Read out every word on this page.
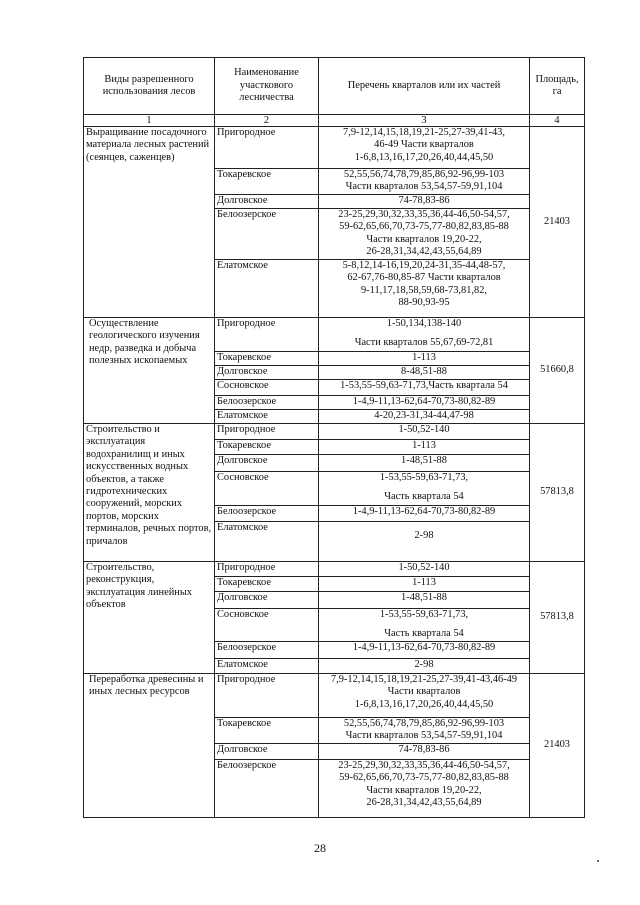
Виды разрешенного использования лесов	Наименование участкового лесничества	Перечень кварталов или их частей	Площадь, га
1	2	3	4
Выращивание посадочного материала лесных растений (сеянцев, саженцев)	Пригородное	7,9-12,14,15,18,19,21-25,27-39,41-43,
46-49 Части кварталов
1-6,8,13,16,17,20,26,40,44,45,50	21403
	Токаревское	52,55,56,74,78,79,85,86,92-96,99-103
Части кварталов 53,54,57-59,91,104	

	Долговское	74-78,83-86	

	Белоозерское	23-25,29,30,32,33,35,36,44-46,50-54,57,
59-62,65,66,70,73-75,77-80,82,83,85-88
Части кварталов 19,20-22,
26-28,31,34,42,43,55,64,89	

	Елатомское	5-8,12,14-16,19,20,24-31,35-44,48-57,
62-67,76-80,85-87 Части кварталов
9-11,17,18,58,59,68-73,81,82,
88-90,93-95	

Осуществление геологического изучения недр, разведка и добыча полезных ископаемых	Пригородное	1-50,134,138-140
Части кварталов 55,67,69-72,81	51660,8
	Токаревское	1-113	

	Долговское	8-48,51-88	

	Сосновское	1-53,55-59,63-71,73,Часть квартала 54	

	Белоозерское	1-4,9-11,13-62,64-70,73-80,82-89	

	Елатомское	4-20,23-31,34-44,47-98	

Строительство и эксплуатация водохранилищ и иных искусственных водных объектов, а также гидротехнических сооружений, морских портов, морских терминалов, речных портов, причалов	Пригородное	1-50,52-140	57813,8
	Токаревское	1-113	

	Долговское	1-48,51-88	

	Сосновское	1-53,55-59,63-71,73,
Часть квартала 54	

	Белоозерское	1-4,9-11,13-62,64-70,73-80,82-89	

	Елатомское	2-98	

Строительство, реконструкция, эксплуатация линейных объектов	Пригородное	1-50,52-140	57813,8
	Токаревское	1-113	

	Долговское	1-48,51-88	

	Сосновское	1-53,55-59,63-71,73,
Часть квартала 54	

	Белоозерское	1-4,9-11,13-62,64-70,73-80,82-89	

	Елатомское	2-98	

Переработка древесины и иных лесных ресурсов	Пригородное	7,9-12,14,15,18,19,21-25,27-39,41-43,46-49
Части кварталов
1-6,8,13,16,17,20,26,40,44,45,50	21403
	Токаревское	52,55,56,74,78,79,85,86,92-96,99-103
Части кварталов 53,54,57-59,91,104	

	Долговское	74-78,83-86	

	Белоозерское	23-25,29,30,32,33,35,36,44-46,50-54,57,
59-62,65,66,70,73-75,77-80,82,83,85-88
Части кварталов 19,20-22,
26-28,31,34,42,43,55,64,89	
28
